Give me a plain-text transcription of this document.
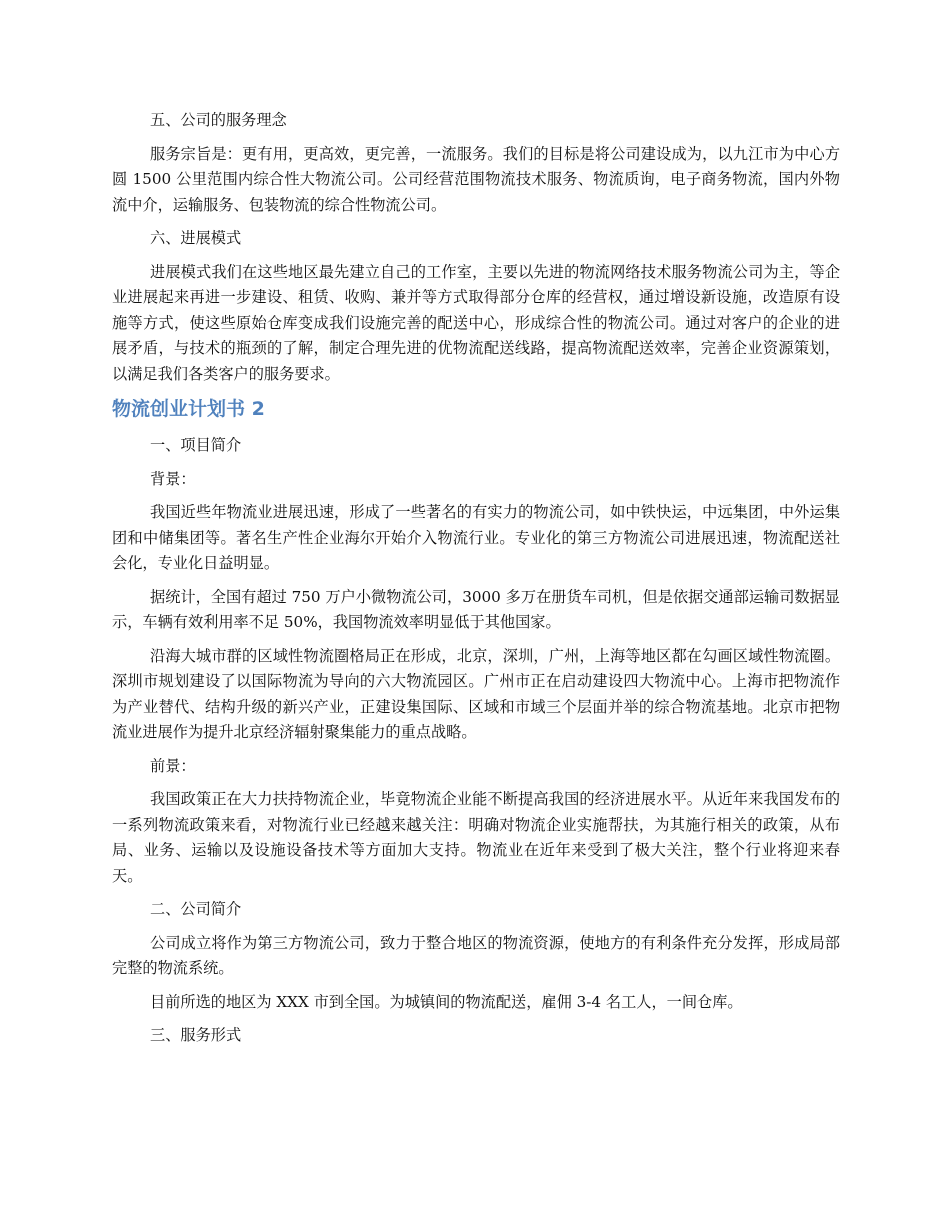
五、公司的服务理念

服务宗旨是：更有用，更高效，更完善，一流服务。我们的目标是将公司建设成为，以九江市为中心方圆 1500 公里范围内综合性大物流公司。公司经营范围物流技术服务、物流质询，电子商务物流，国内外物流中介，运输服务、包装物流的综合性物流公司。

六、进展模式

进展模式我们在这些地区最先建立自己的工作室，主要以先进的物流网络技术服务物流公司为主，等企业进展起来再进一步建设、租赁、收购、兼并等方式取得部分仓库的经营权，通过增设新设施，改造原有设施等方式，使这些原始仓库变成我们设施完善的配送中心，形成综合性的物流公司。通过对客户的企业的进展矛盾，与技术的瓶颈的了解，制定合理先进的优物流配送线路，提高物流配送效率，完善企业资源策划，以满足我们各类客户的服务要求。

物流创业计划书 2

一、项目简介

背景：

我国近些年物流业进展迅速，形成了一些著名的有实力的物流公司，如中铁快运，中远集团，中外运集团和中储集团等。著名生产性企业海尔开始介入物流行业。专业化的第三方物流公司进展迅速，物流配送社会化，专业化日益明显。

据统计，全国有超过 750 万户小微物流公司，3000 多万在册货车司机，但是依据交通部运输司数据显示，车辆有效利用率不足 50%，我国物流效率明显低于其他国家。

沿海大城市群的区域性物流圈格局正在形成，北京，深圳，广州，上海等地区都在勾画区域性物流圈。深圳市规划建设了以国际物流为导向的六大物流园区。广州市正在启动建设四大物流中心。上海市把物流作为产业替代、结构升级的新兴产业，正建设集国际、区域和市域三个层面并举的综合物流基地。北京市把物流业进展作为提升北京经济辐射聚集能力的重点战略。

前景：

我国政策正在大力扶持物流企业，毕竟物流企业能不断提高我国的经济进展水平。从近年来我国发布的一系列物流政策来看，对物流行业已经越来越关注：明确对物流企业实施帮扶，为其施行相关的政策，从布局、业务、运输以及设施设备技术等方面加大支持。物流业在近年来受到了极大关注，整个行业将迎来春天。

二、公司简介

公司成立将作为第三方物流公司，致力于整合地区的物流资源，使地方的有利条件充分发挥，形成局部完整的物流系统。

目前所选的地区为 XXX 市到全国。为城镇间的物流配送，雇佣 3-4 名工人，一间仓库。

三、服务形式
